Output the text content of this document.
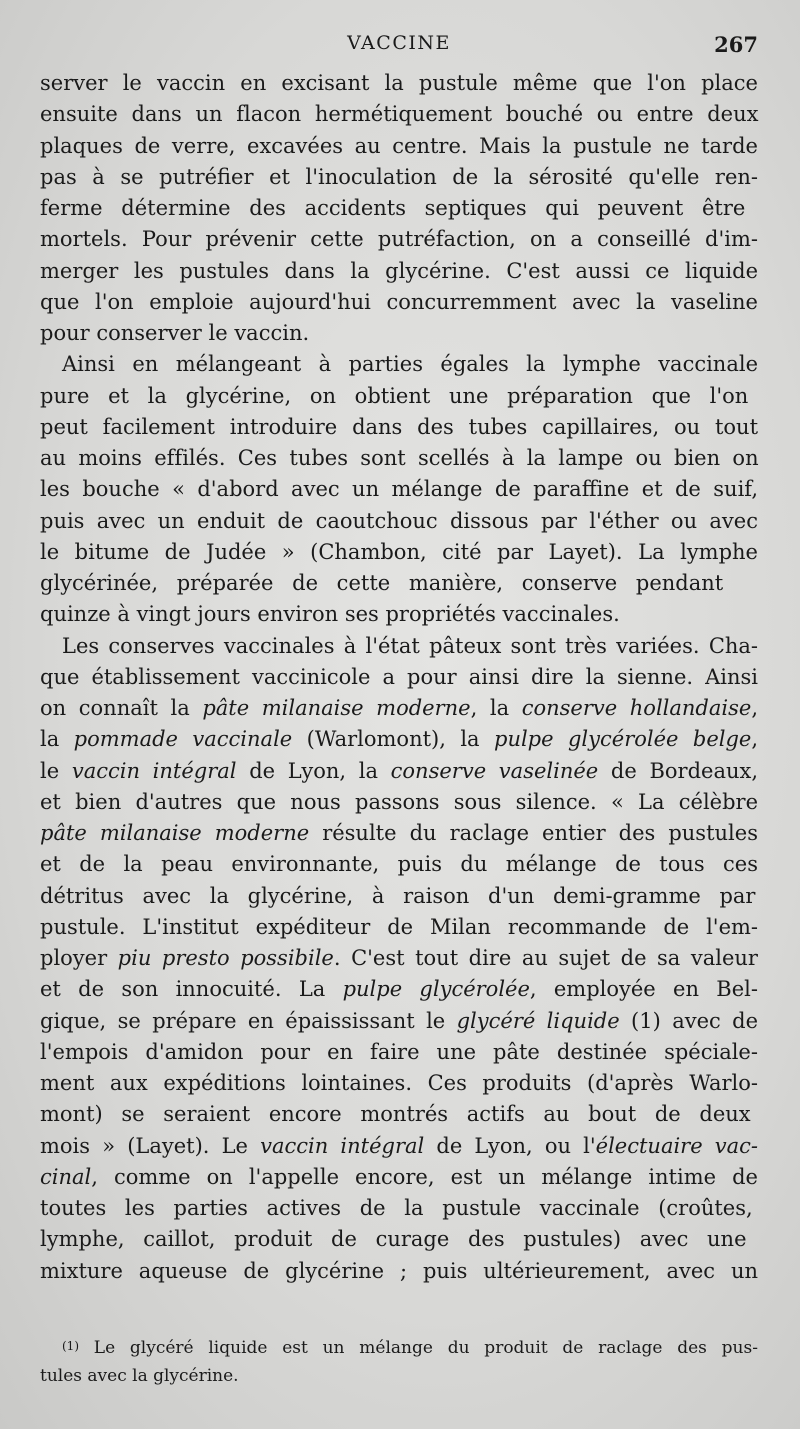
VACCINE	267
server le vaccin en excisant la pustule même que l'on place
ensuite dans un flacon hermétiquement bouché ou entre deux
plaques de verre, excavées au centre. Mais la pustule ne tarde
pas à se putréfier et l'inoculation de la sérosité qu'elle ren-
ferme détermine des accidents septiques qui peuvent être
mortels. Pour prévenir cette putréfaction, on a conseillé d'im-
merger les pustules dans la glycérine. C'est aussi ce liquide
que l'on emploie aujourd'hui concurremment avec la vaseline
pour conserver le vaccin.
Ainsi en mélangeant à parties égales la lymphe vaccinale
pure et la glycérine, on obtient une préparation que l'on
peut facilement introduire dans des tubes capillaires, ou tout
au moins effilés. Ces tubes sont scellés à la lampe ou bien on
les bouche « d'abord avec un mélange de paraffine et de suif,
puis avec un enduit de caoutchouc dissous par l'éther ou avec
le bitume de Judée » (Chambon, cité par Layet). La lymphe
glycérinée, préparée de cette manière, conserve pendant
quinze à vingt jours environ ses propriétés vaccinales.
Les conserves vaccinales à l'état pâteux sont très variées. Cha-
que établissement vaccinicole a pour ainsi dire la sienne. Ainsi
on connaît la pâte milanaise moderne, la conserve hollandaise,
la pommade vaccinale (Warlomont), la pulpe glycérolée belge,
le vaccin intégral de Lyon, la conserve vaselinée de Bordeaux,
et bien d'autres que nous passons sous silence. « La célèbre
pâte milanaise moderne résulte du raclage entier des pustules
et de la peau environnante, puis du mélange de tous ces
détritus avec la glycérine, à raison d'un demi-gramme par
pustule. L'institut expéditeur de Milan recommande de l'em-
ployer piu presto possibile. C'est tout dire au sujet de sa valeur
et de son innocuité. La pulpe glycérolée, employée en Bel-
gique, se prépare en épaississant le glycéré liquide (1) avec de
l'empois d'amidon pour en faire une pâte destinée spéciale-
ment aux expéditions lointaines. Ces produits (d'après Warlo-
mont) se seraient encore montrés actifs au bout de deux
mois » (Layet). Le vaccin intégral de Lyon, ou l'électuaire vac-
cinal, comme on l'appelle encore, est un mélange intime de
toutes les parties actives de la pustule vaccinale (croûtes,
lymphe, caillot, produit de curage des pustules) avec une
mixture aqueuse de glycérine ; puis ultérieurement, avec un
$^{(1)}$ Le glycéré liquide est un mélange du produit de raclage des pus-
tules avec la glycérine.
